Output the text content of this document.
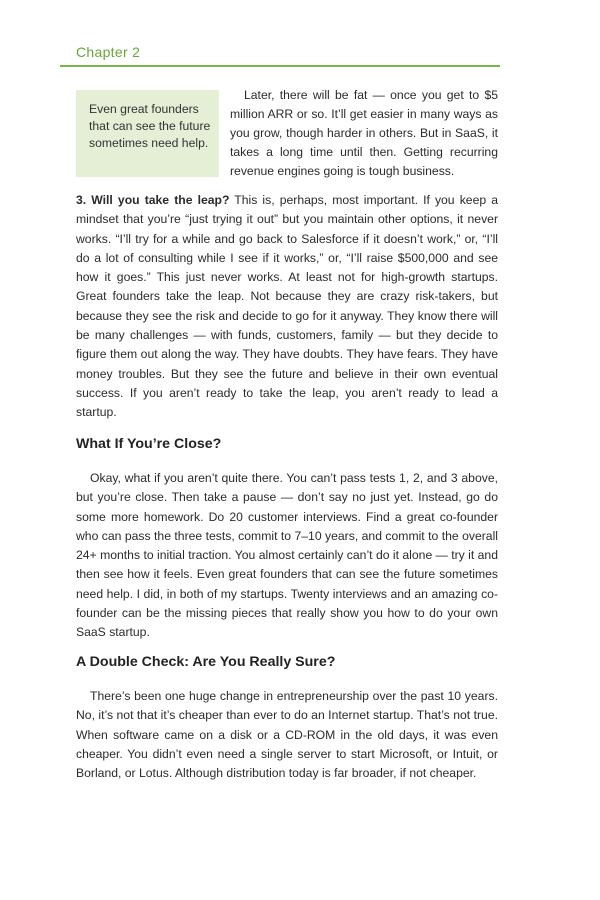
Chapter 2
Even great founders that can see the future sometimes need help.

Later, there will be fat — once you get to $5 million ARR or so. It’ll get easier in many ways as you grow, though harder in others. But in SaaS, it takes a long time until then. Getting recurring revenue engines going is tough business.

3. Will you take the leap? This is, perhaps, most important. If you keep a mindset that you’re “just trying it out” but you maintain other options, it never works. “I’ll try for a while and go back to Salesforce if it doesn’t work,” or, “I’ll do a lot of consulting while I see if it works,” or, “I’ll raise $500,000 and see how it goes.” This just never works. At least not for high-growth startups. Great founders take the leap. Not because they are crazy risk-takers, but because they see the risk and decide to go for it anyway. They know there will be many challenges — with funds, customers, family — but they decide to figure them out along the way. They have doubts. They have fears. They have money troubles. But they see the future and believe in their own eventual success. If you aren’t ready to take the leap, you aren’t ready to lead a startup.

What If You’re Close?

Okay, what if you aren’t quite there. You can’t pass tests 1, 2, and 3 above, but you’re close. Then take a pause — don’t say no just yet. Instead, go do some more homework. Do 20 customer interviews. Find a great co-founder who can pass the three tests, commit to 7–10 years, and commit to the overall 24+ months to initial traction. You almost certainly can’t do it alone — try it and then see how it feels. Even great founders that can see the future sometimes need help. I did, in both of my startups. Twenty interviews and an amazing co-founder can be the missing pieces that really show you how to do your own SaaS startup.

A Double Check: Are You Really Sure?

There’s been one huge change in entrepreneurship over the past 10 years. No, it’s not that it’s cheaper than ever to do an Internet startup. That’s not true. When software came on a disk or a CD-ROM in the old days, it was even cheaper. You didn’t even need a single server to start Microsoft, or Intuit, or Borland, or Lotus. Although distribution today is far broader, if not cheaper.
